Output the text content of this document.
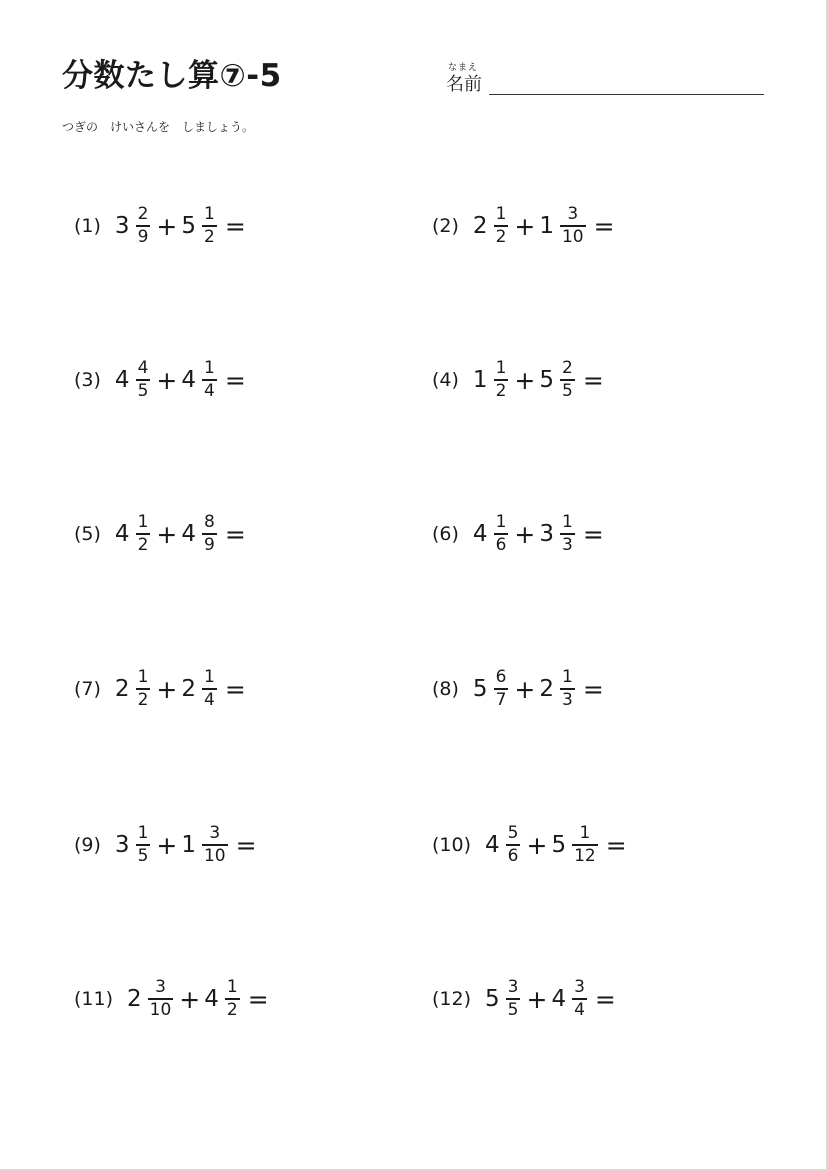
分数たし算⑦-5	なまえ
名前
つぎの　けいさんを　しましょう。
(1) $3 \frac{2}{9} + 5 \frac{1}{2}$ =	(2) $2 \frac{1}{2} + 1 \frac{3}{10}$ =
(3) $4 \frac{4}{5} + 4 \frac{1}{4}$ =	(4) $1 \frac{1}{2} + 5 \frac{2}{5}$ =
(5) $4 \frac{1}{2} + 4 \frac{8}{9}$ =	(6) $4 \frac{1}{6} + 3 \frac{1}{3}$ =
(7) $2 \frac{1}{2} + 2 \frac{1}{4}$ =	(8) $5 \frac{6}{7} + 2 \frac{1}{3}$ =
(9) $3 \frac{1}{5} + 1 \frac{3}{10}$ =	(10) $4 \frac{5}{6} + 5 \frac{1}{12}$ =
(11) $2 \frac{3}{10} + 4 \frac{1}{2}$ =	(12) $5 \frac{3}{5} + 4 \frac{3}{4}$ =
